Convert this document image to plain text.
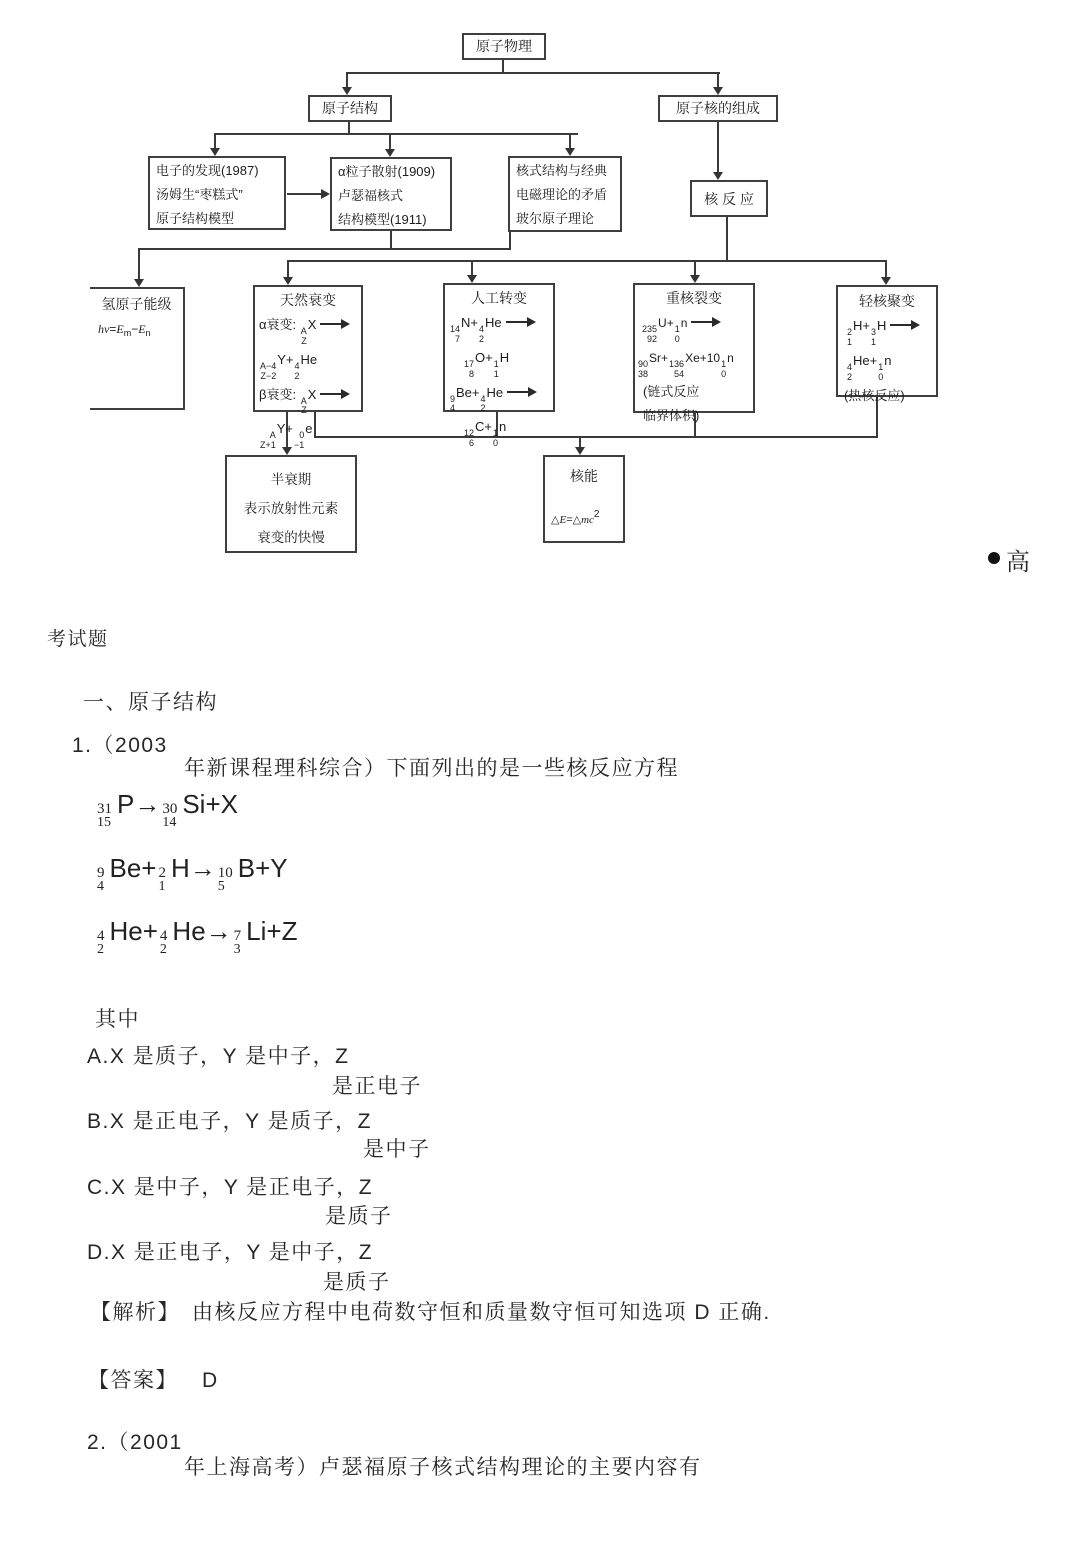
原子物理
原子结构	原子核的组成
电子的发现(1987)
汤姆生“枣糕式”
原子结构模型
α粒子散射(1909)
卢瑟福核式
结构模型(1911)
核式结构与经典
电磁理论的矛盾
玻尔原子理论
核 反 应
氢原子能级
$h\nu=E_m-E_n$
天然衰变
α衰变: A
Z
X
A−4
Z−2
Y+ 4
2
He
β衰变: A
Z
X
A
Z+1
Y+ 0
−1
e
人工转变
14
7
N+ 4
2
He
17
8
O+ 1
1
H
9
4
Be+ 4
2
He
12
6
C+ 1
0
n
重核裂变
235
92
U+ 1
0
n
90
38
Sr+ 136
54
Xe+10 1
0
n
(链式反应
临界体积)
轻核聚变
2
1
H+ 3
1
H
4
2
He+ 1
0
n
(热核反应)
半衰期
表示放射性元素
衰变的快慢
核能
△E=△mc2
高
考试题
一、原子结构
1.（2003
年新课程理科综合）下面列出的是一些核反应方程
31
15
P→ 30
14
Si+X
9
4
Be+ 2
1
H→ 10
5
B+Y
4
2
He+ 4
2
He→ 7
3
Li+Z
其中
A.X 是质子，Y 是中子，Z
是正电子
B.X 是正电子，Y 是质子，Z
是中子
C.X 是中子，Y 是正电子，Z
是质子
D.X 是正电子，Y 是中子，Z
是质子
【解析】 由核反应方程中电荷数守恒和质量数守恒可知选项 D 正确.
【答案】 D
2.（2001
年上海高考）卢瑟福原子核式结构理论的主要内容有
